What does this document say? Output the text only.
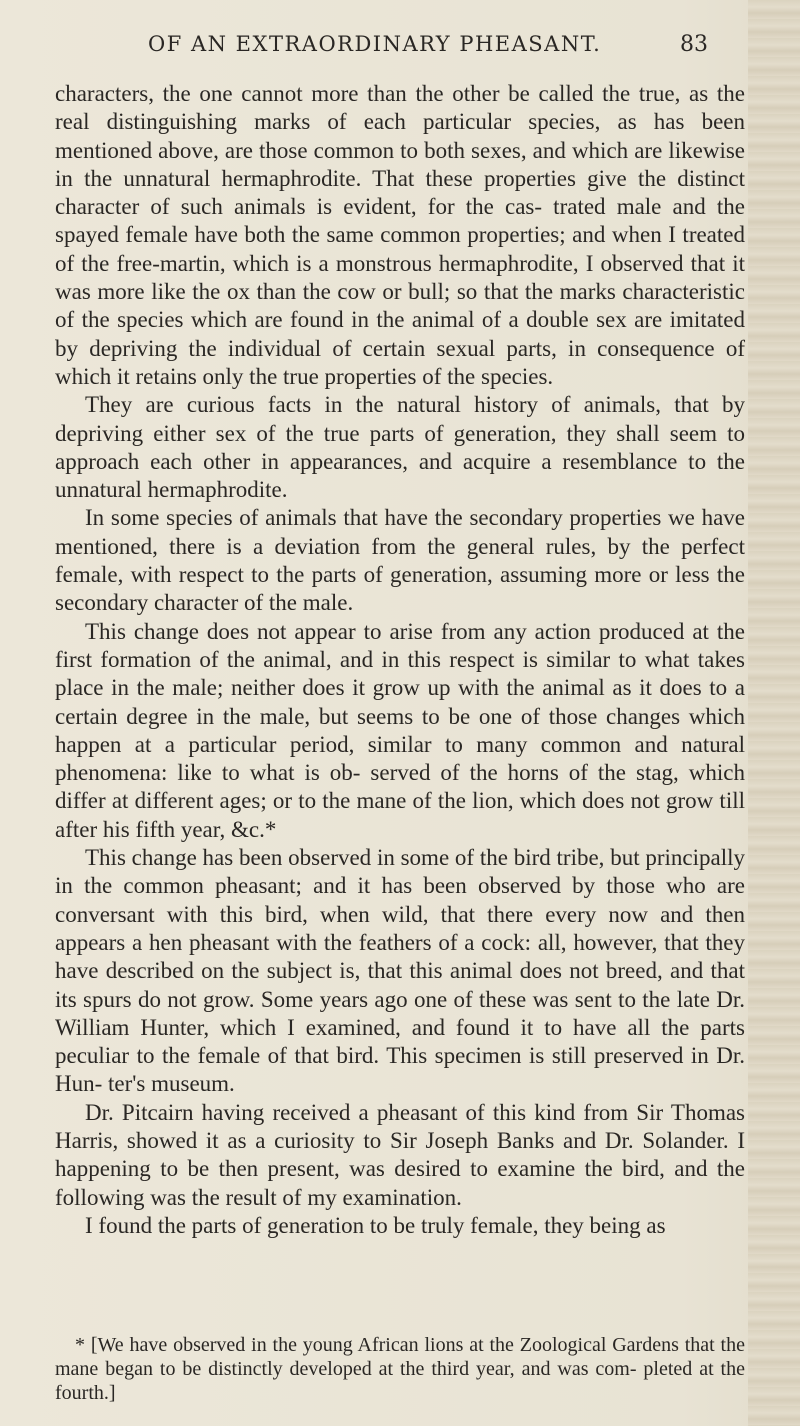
OF AN EXTRAORDINARY PHEASANT.	83

characters, the one cannot more than the other be called the true, as the real distinguishing marks of each particular species, as has been mentioned above, are those common to both sexes, and which are likewise in the unnatural hermaphrodite. That these properties give the distinct character of such animals is evident, for the cas- trated male and the spayed female have both the same common properties; and when I treated of the free-martin, which is a monstrous hermaphrodite, I observed that it was more like the ox than the cow or bull; so that the marks characteristic of the species which are found in the animal of a double sex are imitated by depriving the individual of certain sexual parts, in consequence of which it retains only the true properties of the species.

They are curious facts in the natural history of animals, that by depriving either sex of the true parts of generation, they shall seem to approach each other in appearances, and acquire a resemblance to the unnatural hermaphrodite.

In some species of animals that have the secondary properties we have mentioned, there is a deviation from the general rules, by the perfect female, with respect to the parts of generation, assuming more or less the secondary character of the male.

This change does not appear to arise from any action produced at the first formation of the animal, and in this respect is similar to what takes place in the male; neither does it grow up with the animal as it does to a certain degree in the male, but seems to be one of those changes which happen at a particular period, similar to many common and natural phenomena: like to what is ob- served of the horns of the stag, which differ at different ages; or to the mane of the lion, which does not grow till after his fifth year, &c.*

This change has been observed in some of the bird tribe, but principally in the common pheasant; and it has been observed by those who are conversant with this bird, when wild, that there every now and then appears a hen pheasant with the feathers of a cock: all, however, that they have described on the subject is, that this animal does not breed, and that its spurs do not grow. Some years ago one of these was sent to the late Dr. William Hunter, which I examined, and found it to have all the parts peculiar to the female of that bird. This specimen is still preserved in Dr. Hun- ter's museum.

Dr. Pitcairn having received a pheasant of this kind from Sir Thomas Harris, showed it as a curiosity to Sir Joseph Banks and Dr. Solander. I happening to be then present, was desired to examine the bird, and the following was the result of my examination.

I found the parts of generation to be truly female, they being as

* [We have observed in the young African lions at the Zoological Gardens that the mane began to be distinctly developed at the third year, and was com- pleted at the fourth.]
